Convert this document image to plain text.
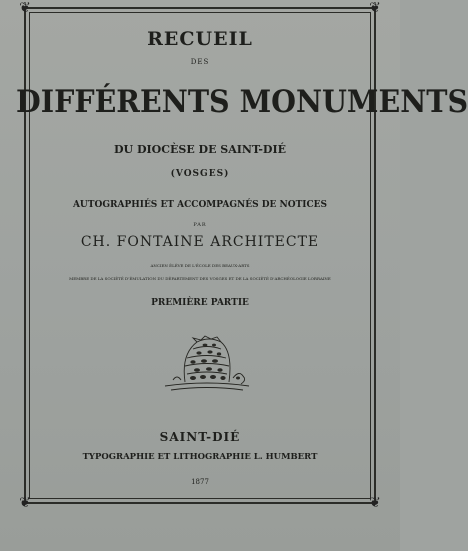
❦	❦
❦	❦
RECUEIL
DES
DIFFÉRENTS MONUMENTS
DU DIOCÈSE DE SAINT-DIÉ
(VOSGES)
AUTOGRAPHIÉS ET ACCOMPAGNÉS DE NOTICES
PAR
CH. FONTAINE ARCHITECTE
ANCIEN ÉLÈVE DE L'ÉCOLE DES BEAUX-ARTS
MEMBRE DE LA SOCIÉTÉ D'ÉMULATION DU DÉPARTEMENT DES VOSGES ET DE LA SOCIÉTÉ D'ARCHÉOLOGIE LORRAINE
PREMIÈRE PARTIE
SAINT-DIÉ
TYPOGRAPHIE ET LITHOGRAPHIE L. HUMBERT
1877
